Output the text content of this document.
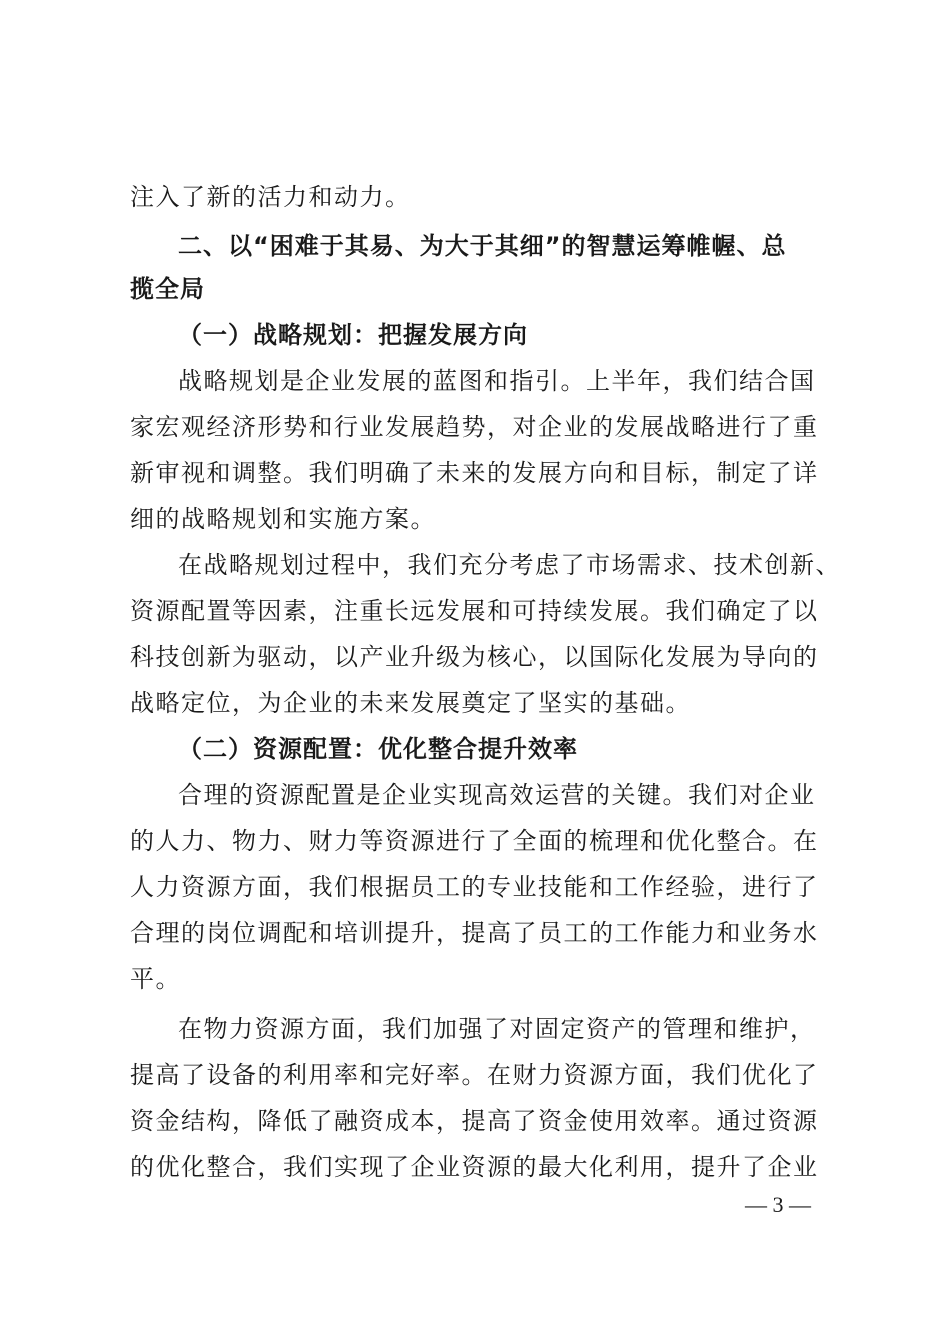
注入了新的活力和动力。

二、以“困难于其易、为大于其细”的智慧运筹帷幄、总

揽全局

（一）战略规划：把握发展方向

战略规划是企业发展的蓝图和指引。上半年，我们结合国

家宏观经济形势和行业发展趋势，对企业的发展战略进行了重

新审视和调整。我们明确了未来的发展方向和目标，制定了详

细的战略规划和实施方案。

在战略规划过程中，我们充分考虑了市场需求、技术创新、

资源配置等因素，注重长远发展和可持续发展。我们确定了以

科技创新为驱动，以产业升级为核心，以国际化发展为导向的

战略定位，为企业的未来发展奠定了坚实的基础。

（二）资源配置：优化整合提升效率

合理的资源配置是企业实现高效运营的关键。我们对企业

的人力、物力、财力等资源进行了全面的梳理和优化整合。在

人力资源方面，我们根据员工的专业技能和工作经验，进行了

合理的岗位调配和培训提升，提高了员工的工作能力和业务水

平。

在物力资源方面，我们加强了对固定资产的管理和维护，

提高了设备的利用率和完好率。在财力资源方面，我们优化了

资金结构，降低了融资成本，提高了资金使用效率。通过资源

的优化整合，我们实现了企业资源的最大化利用，提升了企业

— 3 —
